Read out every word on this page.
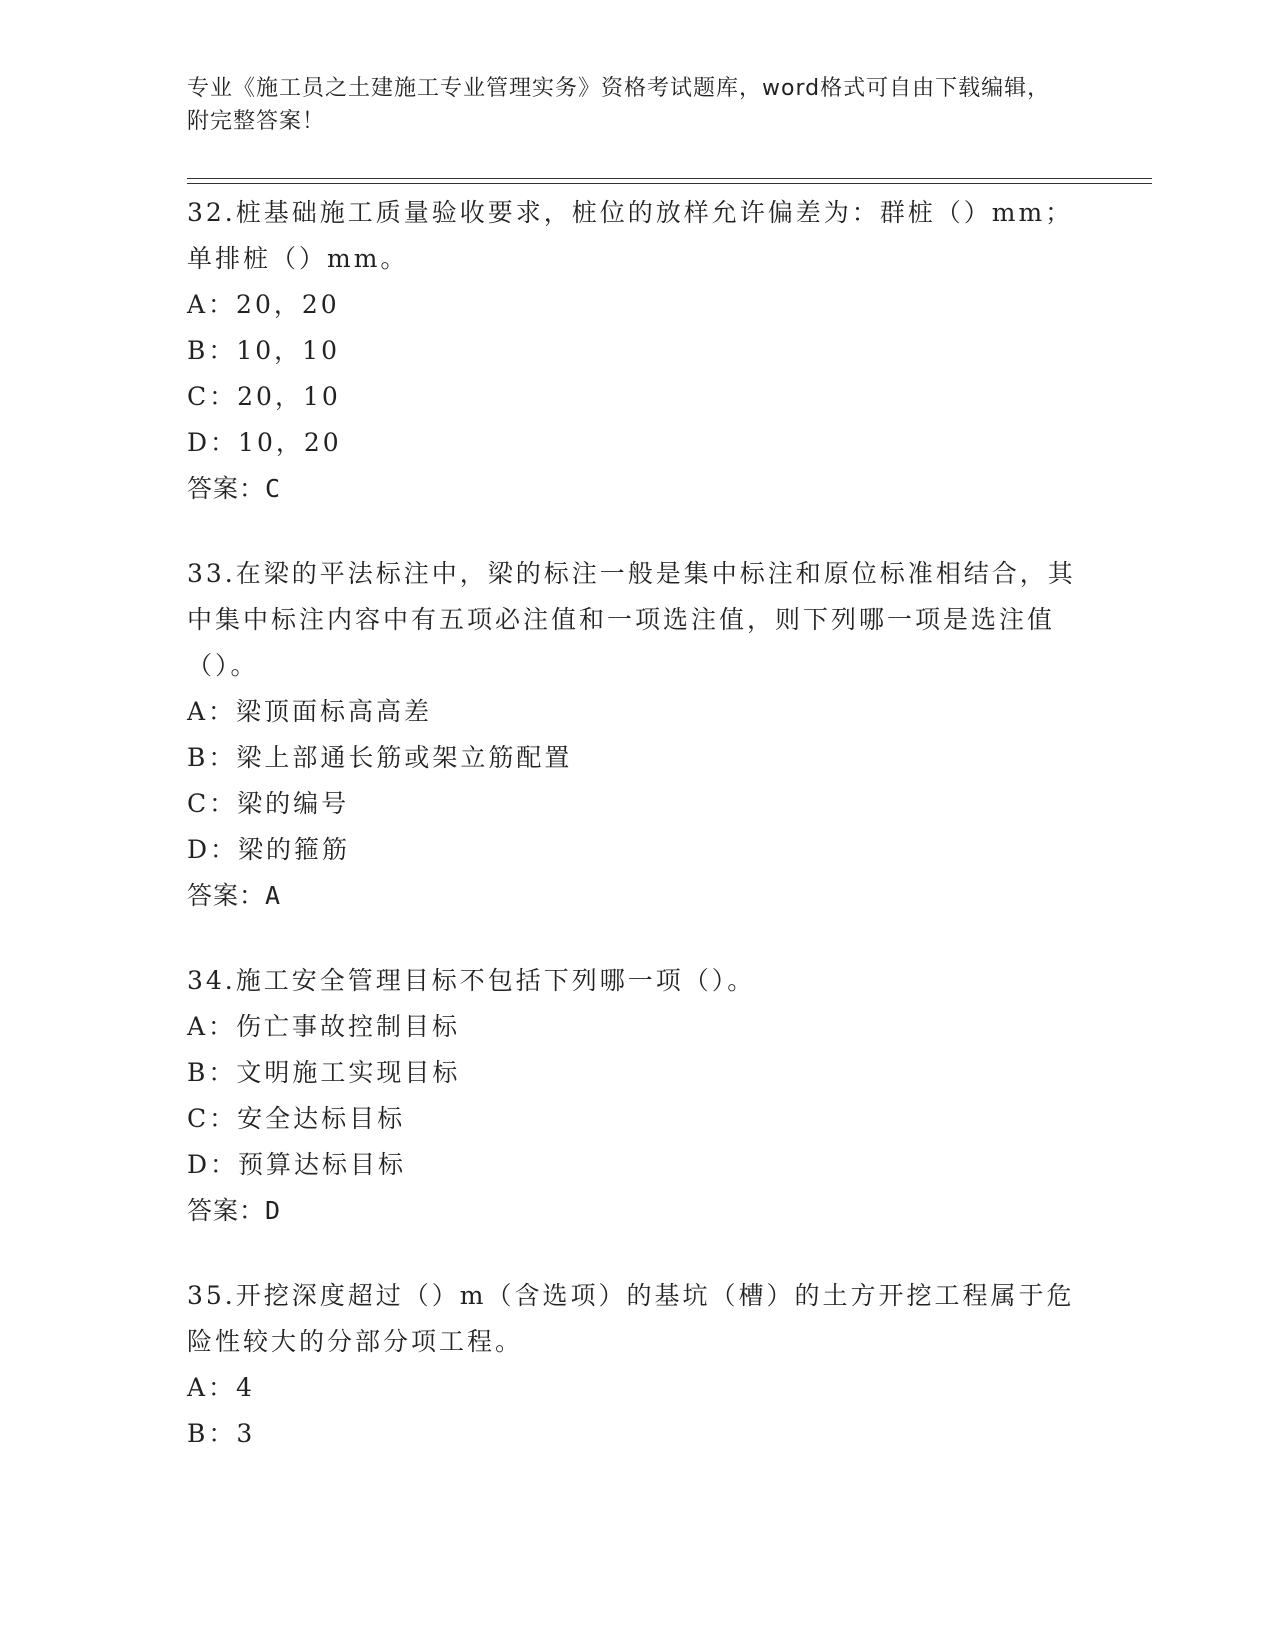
专业《施工员之土建施工专业管理实务》资格考试题库，word格式可自由下载编辑，附完整答案！
32.桩基础施工质量验收要求，桩位的放样允许偏差为：群桩（）mm；单排桩（）mm。
A：20，20
B：10，10
C：20，10
D：10，20
答案：C
33.在梁的平法标注中，梁的标注一般是集中标注和原位标准相结合，其中集中标注内容中有五项必注值和一项选注值，则下列哪一项是选注值（）。
A：梁顶面标高高差
B：梁上部通长筋或架立筋配置
C：梁的编号
D：梁的箍筋
答案：A
34.施工安全管理目标不包括下列哪一项（）。
A：伤亡事故控制目标
B：文明施工实现目标
C：安全达标目标
D：预算达标目标
答案：D
35.开挖深度超过（）m（含选项）的基坑（槽）的土方开挖工程属于危险性较大的分部分项工程。
A：4
B：3
